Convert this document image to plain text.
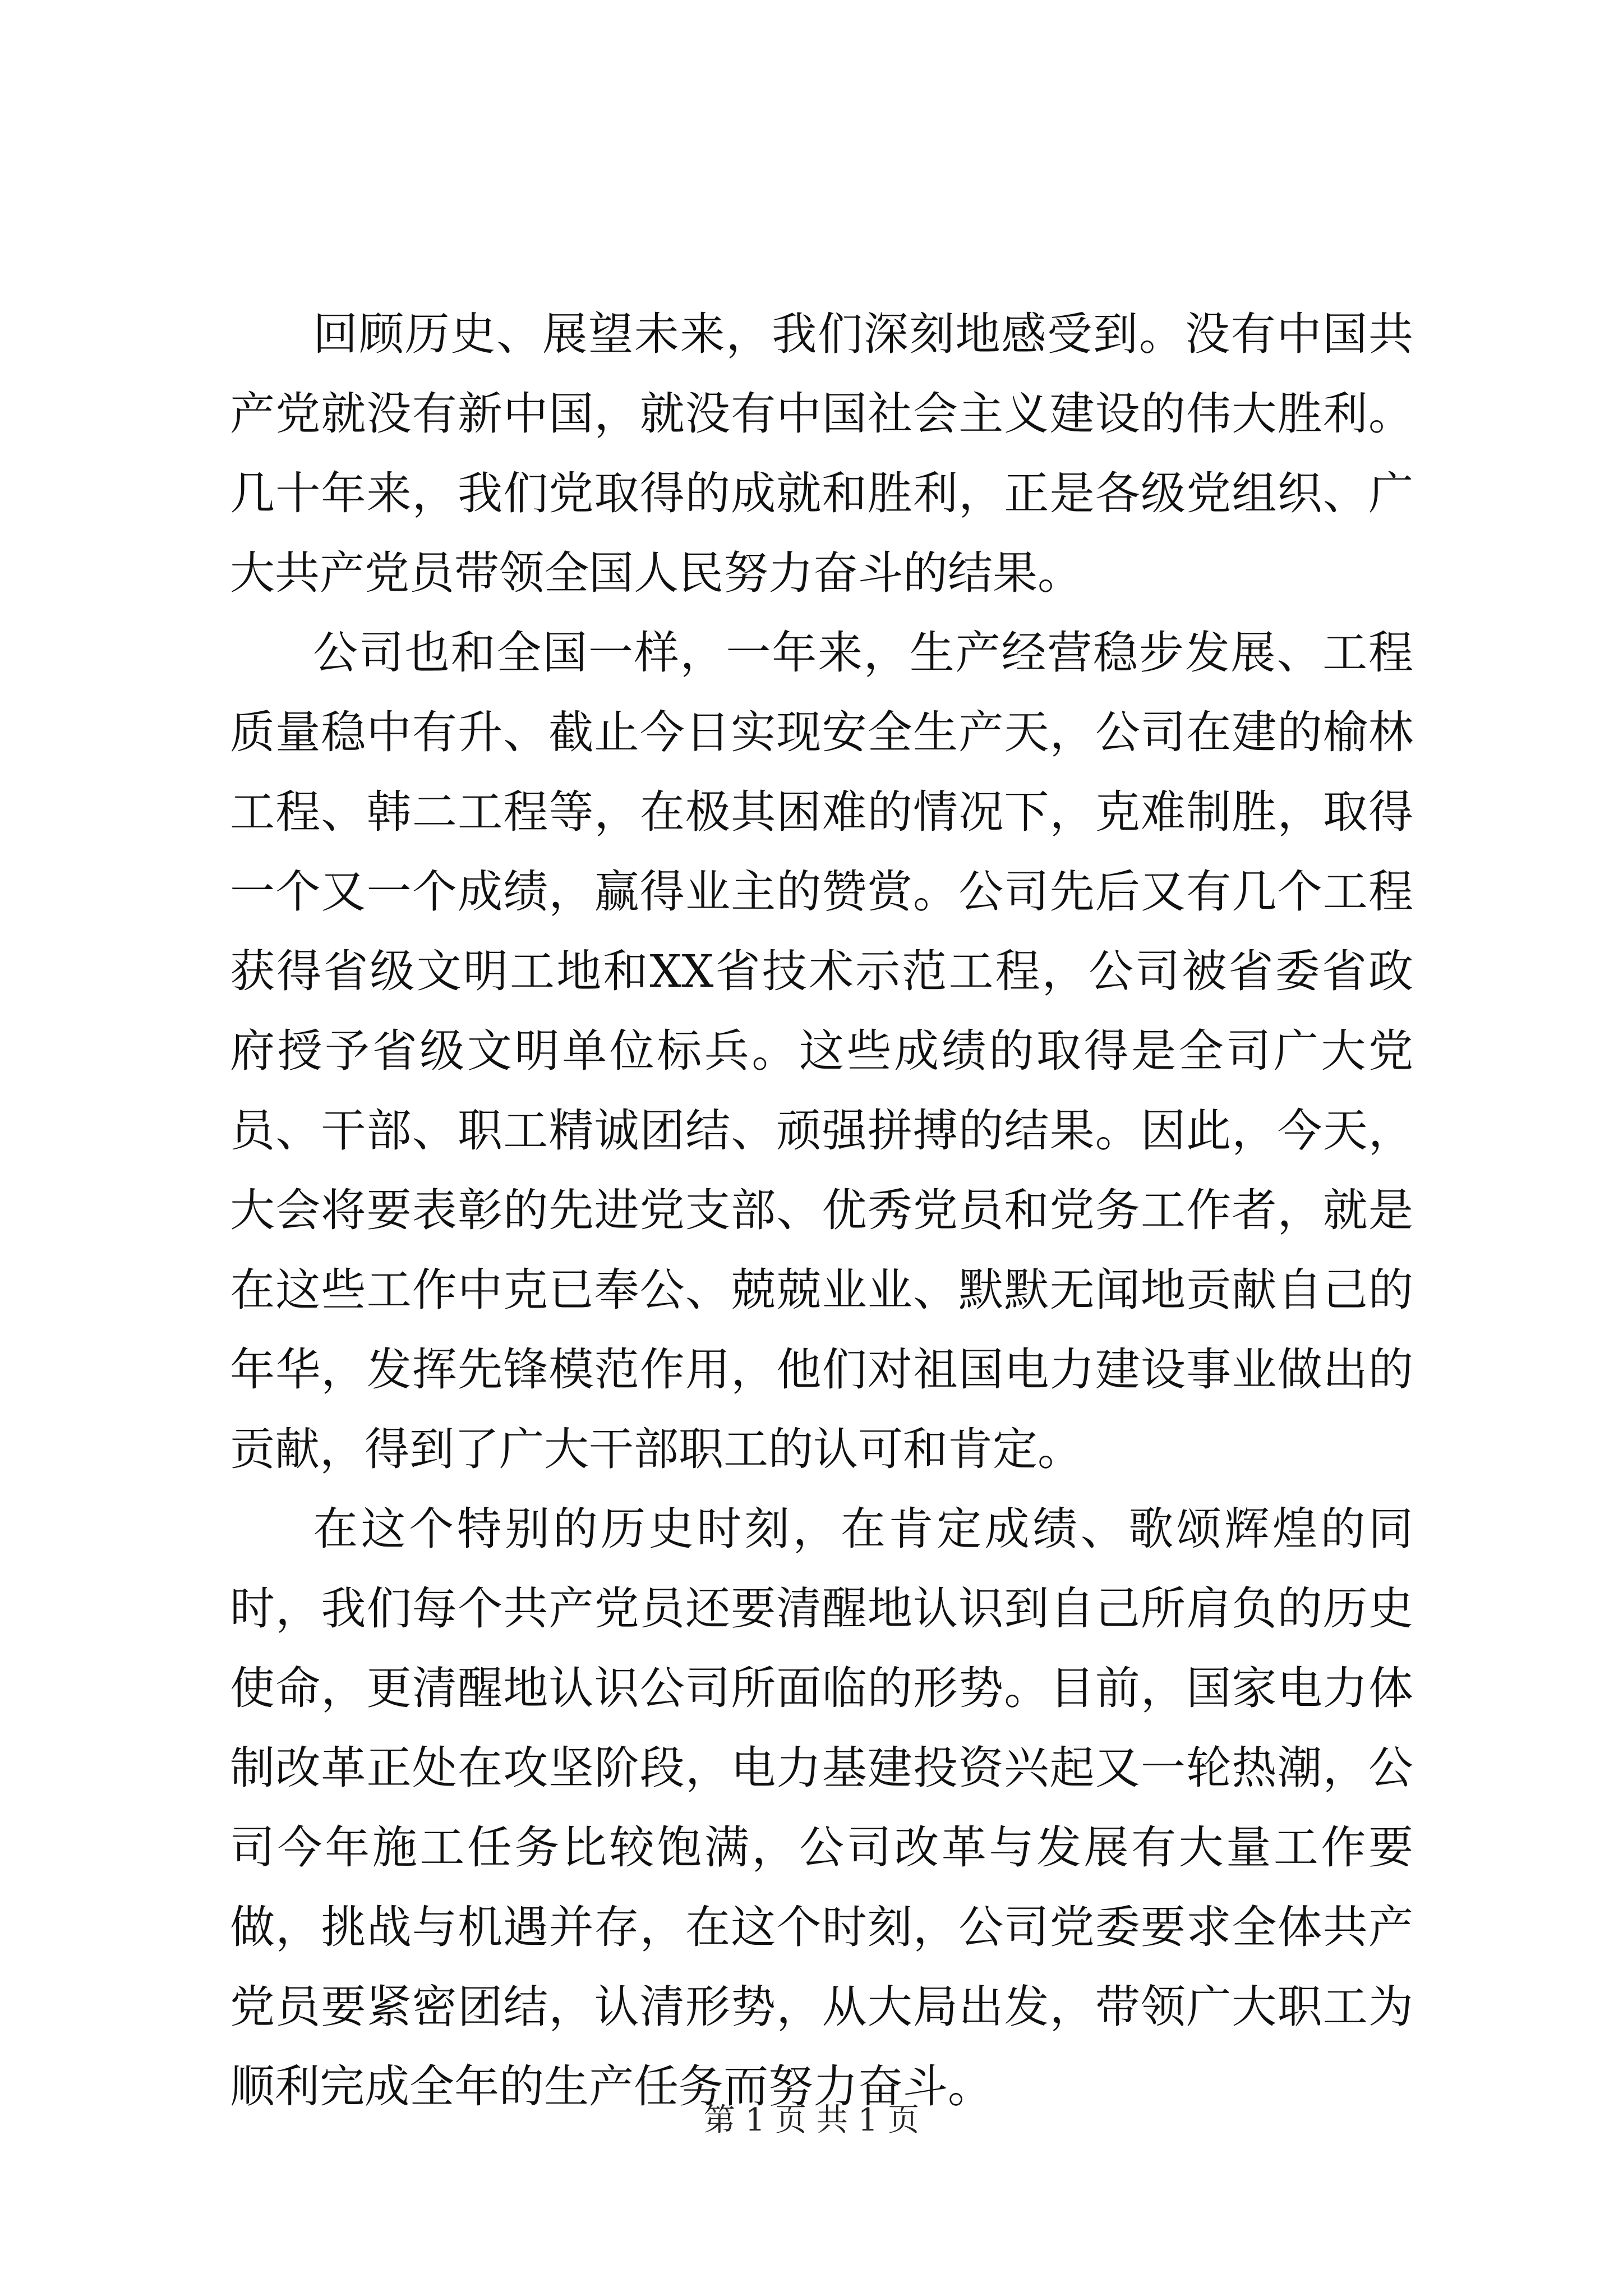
回顾历史、展望未来，我们深刻地感受到。没有中国共产党就没有新中国，就没有中国社会主义建设的伟大胜利。几十年来，我们党取得的成就和胜利，正是各级党组织、广大共产党员带领全国人民努力奋斗的结果。

公司也和全国一样，一年来，生产经营稳步发展、工程质量稳中有升、截止今日实现安全生产天，公司在建的榆林工程、韩二工程等，在极其困难的情况下，克难制胜，取得一个又一个成绩，赢得业主的赞赏。公司先后又有几个工程获得省级文明工地和XX省技术示范工程，公司被省委省政府授予省级文明单位标兵。这些成绩的取得是全司广大党员、干部、职工精诚团结、顽强拼搏的结果。因此，今天，大会将要表彰的先进党支部、优秀党员和党务工作者，就是在这些工作中克已奉公、兢兢业业、默默无闻地贡献自己的年华，发挥先锋模范作用，他们对祖国电力建设事业做出的贡献，得到了广大干部职工的认可和肯定。

在这个特别的历史时刻，在肯定成绩、歌颂辉煌的同时，我们每个共产党员还要清醒地认识到自己所肩负的历史使命，更清醒地认识公司所面临的形势。目前，国家电力体制改革正处在攻坚阶段，电力基建投资兴起又一轮热潮，公司今年施工任务比较饱满，公司改革与发展有大量工作要做，挑战与机遇并存，在这个时刻，公司党委要求全体共产党员要紧密团结，认清形势，从大局出发，带领广大职工为顺利完成全年的生产任务而努力奋斗。

第 1 页 共 1 页
